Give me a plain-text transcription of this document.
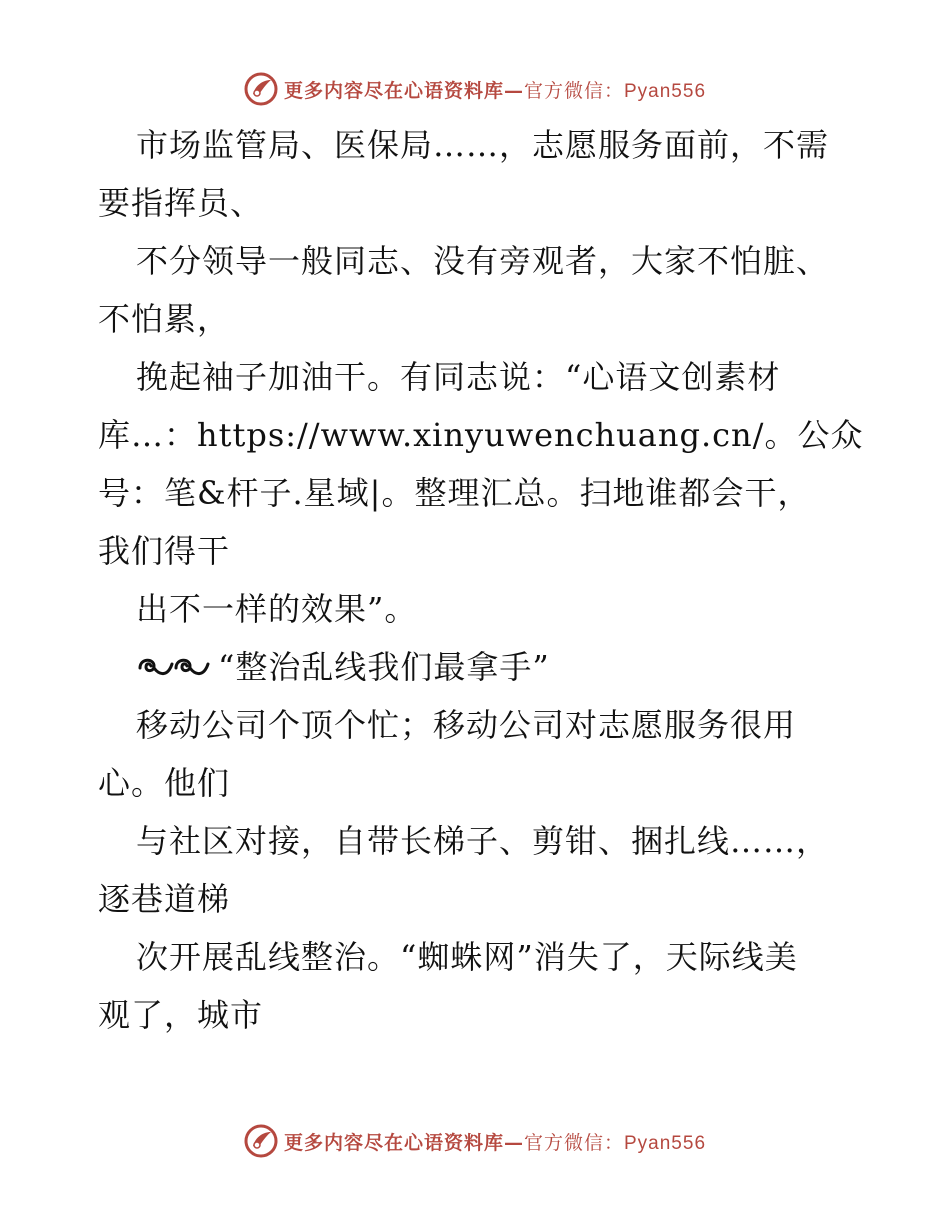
更多内容尽在心语资料库—官方微信：Pyan556
市场监管局、医保局……，志愿服务面前，不需
要指挥员、
不分领导一般同志、没有旁观者，大家不怕脏、
不怕累，
挽起袖子加油干。有同志说：“心语文创素材
库…：https://www.xinyuwenchuang.cn/。公众
号：笔&杆子.星域|。整理汇总。扫地谁都会干，
我们得干
出不一样的效果”。
“整治乱线我们最拿手”
移动公司个顶个忙；移动公司对志愿服务很用
心。他们
与社区对接，自带长梯子、剪钳、捆扎线……，
逐巷道梯
次开展乱线整治。“蜘蛛网”消失了，天际线美
观了，城市
更多内容尽在心语资料库—官方微信：Pyan556
